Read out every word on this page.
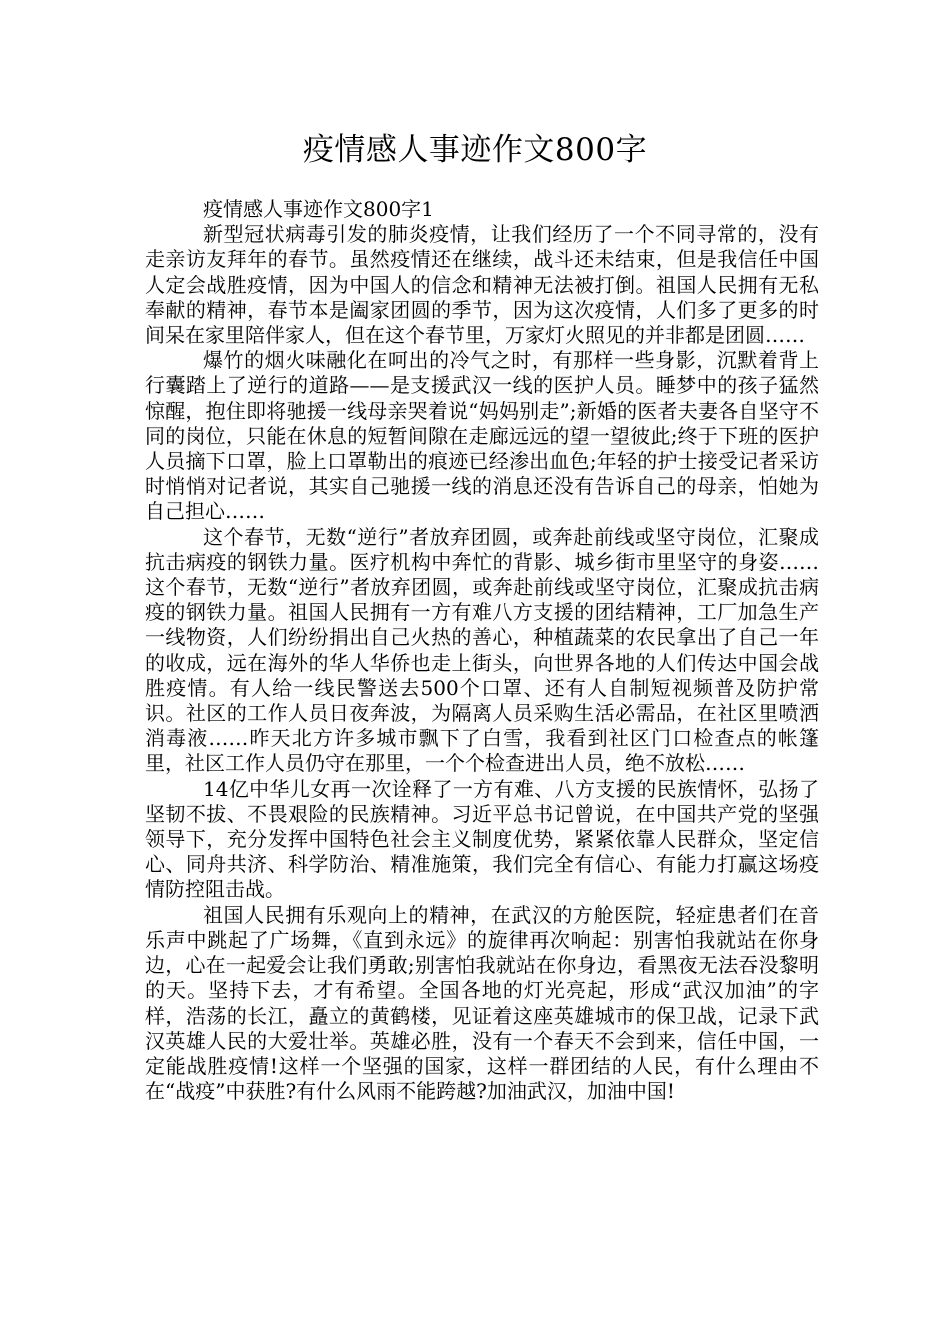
疫情感人事迹作文800字

疫情感人事迹作文800字1

新型冠状病毒引发的肺炎疫情，让我们经历了一个不同寻常的，没有走亲访友拜年的春节。虽然疫情还在继续，战斗还未结束，但是我信任中国人定会战胜疫情，因为中国人的信念和精神无法被打倒。祖国人民拥有无私奉献的精神，春节本是阖家团圆的季节，因为这次疫情，人们多了更多的时间呆在家里陪伴家人，但在这个春节里，万家灯火照见的并非都是团圆……

爆竹的烟火味融化在呵出的冷气之时，有那样一些身影，沉默着背上行囊踏上了逆行的道路——是支援武汉一线的医护人员。睡梦中的孩子猛然惊醒，抱住即将驰援一线母亲哭着说“妈妈别走”;新婚的医者夫妻各自坚守不同的岗位，只能在休息的短暂间隙在走廊远远的望一望彼此;终于下班的医护人员摘下口罩，脸上口罩勒出的痕迹已经渗出血色;年轻的护士接受记者采访时悄悄对记者说，其实自己驰援一线的消息还没有告诉自己的母亲，怕她为自己担心……

这个春节，无数“逆行”者放弃团圆，或奔赴前线或坚守岗位，汇聚成抗击病疫的钢铁力量。医疗机构中奔忙的背影、城乡街市里坚守的身姿……这个春节，无数“逆行”者放弃团圆，或奔赴前线或坚守岗位，汇聚成抗击病疫的钢铁力量。祖国人民拥有一方有难八方支援的团结精神，工厂加急生产一线物资，人们纷纷捐出自己火热的善心，种植蔬菜的农民拿出了自己一年的收成，远在海外的华人华侨也走上街头，向世界各地的人们传达中国会战胜疫情。有人给一线民警送去500个口罩、还有人自制短视频普及防护常识。社区的工作人员日夜奔波，为隔离人员采购生活必需品，在社区里喷洒消毒液……昨天北方许多城市飘下了白雪，我看到社区门口检查点的帐篷里，社区工作人员仍守在那里，一个个检查进出人员，绝不放松……

14亿中华儿女再一次诠释了一方有难、八方支援的民族情怀，弘扬了坚韧不拔、不畏艰险的民族精神。习近平总书记曾说，在中国共产党的坚强领导下，充分发挥中国特色社会主义制度优势，紧紧依靠人民群众，坚定信心、同舟共济、科学防治、精准施策，我们完全有信心、有能力打赢这场疫情防控阻击战。

祖国人民拥有乐观向上的精神，在武汉的方舱医院，轻症患者们在音乐声中跳起了广场舞，《直到永远》的旋律再次响起：别害怕我就站在你身边，心在一起爱会让我们勇敢;别害怕我就站在你身边，看黑夜无法吞没黎明的天。坚持下去，才有希望。全国各地的灯光亮起，形成“武汉加油”的字样，浩荡的长江，矗立的黄鹤楼，见证着这座英雄城市的保卫战，记录下武汉英雄人民的大爱壮举。英雄必胜，没有一个春天不会到来，信任中国，一定能战胜疫情!这样一个坚强的国家，这样一群团结的人民，有什么理由不在“战疫”中获胜?有什么风雨不能跨越?加油武汉，加油中国!
